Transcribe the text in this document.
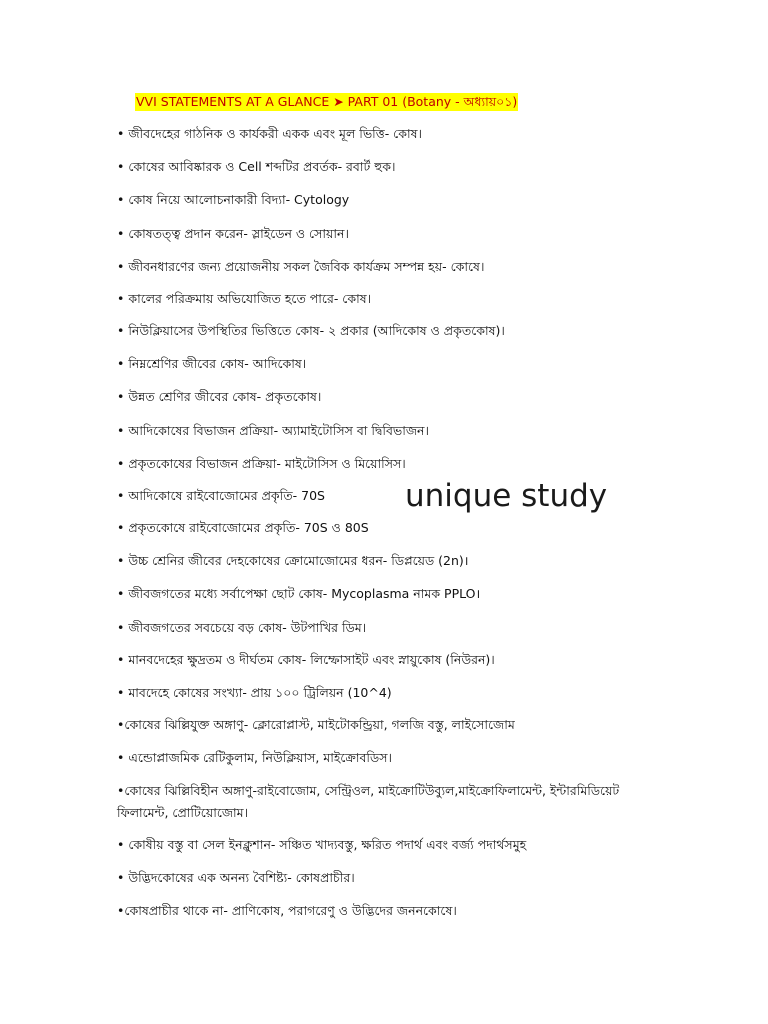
VVI STATEMENTS AT A GLANCE ➤ PART 01 (Botany - অধ্যায়০১)
• জীবদেহের গাঠনিক ও কার্যকরী একক এবং মূল ভিত্তি- কোষ।
• কোষের আবিষ্কারক ও Cell শব্দটির প্রবর্তক- রবার্ট হুক।
• কোষ নিয়ে আলোচনাকারী বিদ্যা- Cytology
• কোষতত্ত্ব প্রদান করেন- স্লাইডেন ও সোয়ান।
• জীবনধারণের জন্য প্রয়োজনীয় সকল জৈবিক কার্যক্রম সম্পন্ন হয়- কোষে।
• কালের পরিক্রমায় অভিযোজিত হতে পারে- কোষ।
• নিউক্লিয়াসের উপস্থিতির ভিত্তিতে কোষ- ২ প্রকার (আদিকোষ ও প্রকৃতকোষ)।
• নিম্নশ্রেণির জীবের কোষ- আদিকোষ।
• উন্নত শ্রেণির জীবের কোষ- প্রকৃতকোষ।
• আদিকোষের বিভাজন প্রক্রিয়া- অ্যামাইটোসিস বা দ্বিবিভাজন।
• প্রকৃতকোষের বিভাজন প্রক্রিয়া- মাইটোসিস ও মিয়োসিস।
• আদিকোষে রাইবোজোমের প্রকৃতি- 70S
• প্রকৃতকোষে রাইবোজোমের প্রকৃতি- 70S ও 80S
• উচ্চ শ্রেনির জীবের দেহকোষের ক্রোমোজোমের ধরন- ডিপ্লয়েড (2n)।
• জীবজগতের মধ্যে সর্বাপেক্ষা ছোট কোষ- Mycoplasma নামক PPLO।
• জীবজগতের সবচেয়ে বড় কোষ- উটপাখির ডিম।
• মানবদেহের ক্ষুদ্রতম ও দীর্ঘতম কোষ- লিম্ফোসাইট এবং স্নায়ুকোষ (নিউরন)।
• মাবদেহে কোষের সংখ্যা- প্রায় ১০০ ট্রিলিয়ন (10^4)
•কোষের ঝিল্লিযুক্ত অঙ্গাণু- ক্লোরোপ্লাস্ট, মাইটোকন্ড্রিয়া, গলজি বস্তু, লাইসোজোম
• এন্ডোপ্লাজমিক রেটিকুলাম, নিউক্লিয়াস, মাইক্রোবডিস।
•কোষের ঝিল্লিবিহীন অঙ্গাণু-রাইবোজোম, সেন্ট্রিওল, মাইক্রোটিউব্যুল,মাইক্রোফিলামেন্ট, ইন্টারমিডিয়েট ফিলামেন্ট, প্রোটিয়োজোম।
• কোষীয় বস্তু বা সেল ইনক্লুশান- সঞ্চিত খাদ্যবস্তু, ক্ষরিত পদার্থ এবং বর্জ্য পদার্থসমুহ
• উদ্ভিদকোষের এক অনন্য বৈশিষ্ট্য- কোষপ্রাচীর।
•কোষপ্রাচীর থাকে না- প্রাণিকোষ, পরাগরেণু ও উদ্ভিদের জননকোষে।
unique study
